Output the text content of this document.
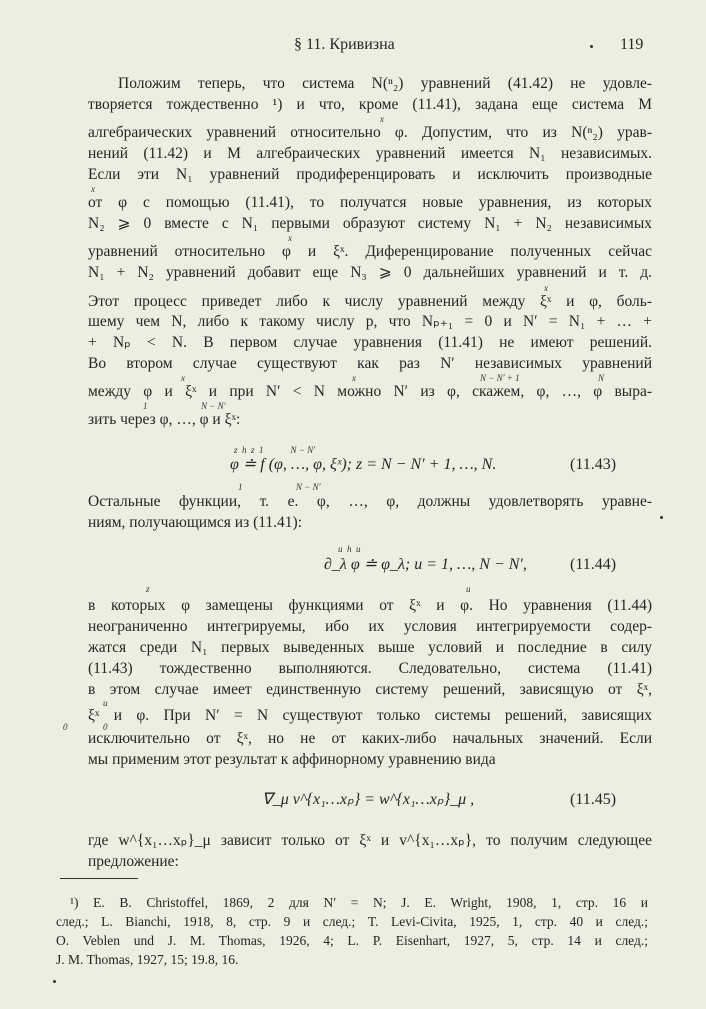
§ 11. Кривизна	119
Положим теперь, что система N(ⁿ₂) уравнений (41.42) не удовле-
творяется тождественно ¹) и что, кроме (11.41), задана еще система M
алгебраических уравнений относительно φ. Допустим, что из N(ⁿ₂) урав-
нений (11.42) и M алгебраических уравнений имеется N₁ независимых.
Если эти N₁ уравнений продиференцировать и исключить производные
от φ с помощью (11.41), то получатся новые уравнения, из которых
N₂ ⩾ 0 вместе с N₁ первыми образуют систему N₁ + N₂ независимых
уравнений относительно φ и ξˣ. Диференцирование полученных сейчас
N₁ + N₂ уравнений добавит еще N₃ ⩾ 0 дальнейших уравнений и т. д.
Этот процесс приведет либо к числу уравнений между ξˣ и φ, боль-
шему чем N, либо к такому числу p, что Nₚ₊₁ = 0 и N′ = N₁ + … +
+ Nₚ < N. В первом случае уравнения (11.41) не имеют решений.
Во втором случае существуют как раз N′ независимых уравнений
между φ и ξˣ и при N′ < N можно N′ из φ, скажем, φ, …, φ выра-
зить через φ, …, φ и ξˣ:
Остальные функции, т. е. φ, …, φ, должны удовлетворять уравне-
ниям, получающимся из (11.41):
в которых φ замещены функциями от ξˣ и φ. Но уравнения (11.44)
неограниченно интегрируемы, ибо их условия интегрируемости содер-
жатся среди N₁ первых выведенных выше условий и последние в силу
(11.43) тождественно выполняются. Следовательно, система (11.41)
в этом случае имеет единственную систему решений, зависящую от ξˣ,
ξˣ и φ. При N′ = N существуют только системы решений, зависящих
исключительно от ξˣ, но не от каких-либо начальных значений. Если
мы применим этот результат к аффинорному уравнению вида
где w^{x₁…xₚ}_μ зависит только от ξˣ и v^{x₁…xₚ}, то получим следующее
предложение:
x
x
x
x
x	x	N − N′ + 1	N
1	N − N′
1	N − N′
z	u
u
0	0
z  h  z  1            N − N′
φ ≐ f (φ, …, φ, ξˣ); z = N − N′ + 1, …, N.	(11.43)
u  h  u
∂_λ φ ≐ φ_λ; u = 1, …, N − N′,	(11.44)
∇_μ v^{x₁…xₚ} = w^{x₁…xₚ}_μ ,	(11.45)
¹) E. B. Christoffel, 1869, 2 для N′ = N; J. E. Wright, 1908, 1, стр. 16 и
след.; L. Bianchi, 1918, 8, стр. 9 и след.; T. Levi-Civita, 1925, 1, стр. 40 и след.;
O. Veblen und J. M. Thomas, 1926, 4; L. P. Eisenhart, 1927, 5, стр. 14 и след.;
J. M. Thomas, 1927, 15; 19.8, 16.
